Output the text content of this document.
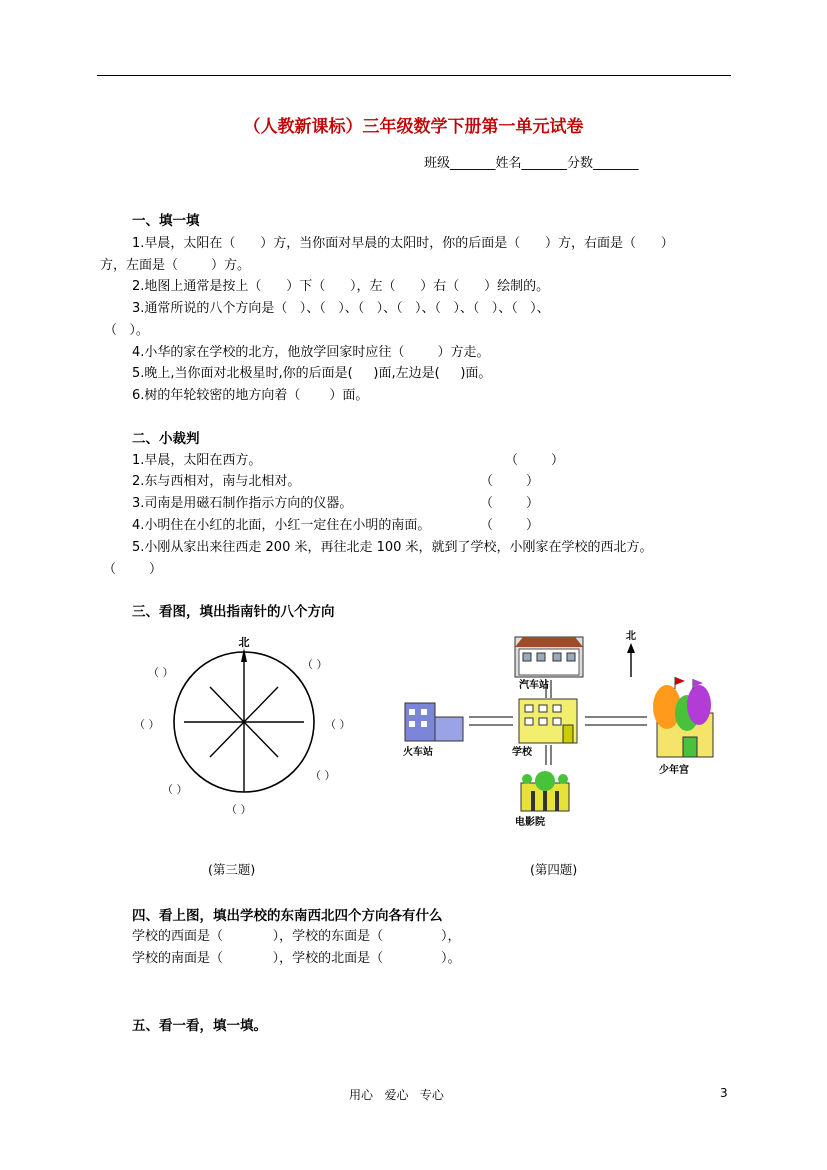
（人教新课标）三年级数学下册第一单元试卷
班级_______姓名_______分数_______
一、填一填
1.早晨，太阳在（      ）方，当你面对早晨的太阳时，你的后面是（      ）方，右面是（      ）
方，左面是（        ）方。
2.地图上通常是按上（      ）下（      ），左（      ）右（      ）绘制的。
3.通常所说的八个方向是（   ）、（   ）、（   ）、（   ）、（   ）、（   ）、（   ）、
（   ）。
4.小华的家在学校的北方，他放学回家时应往（        ）方走。
5.晚上,当你面对北极星时,你的后面是(     )面,左边是(     )面。
6.树的年轮较密的地方向着（       ）面。
二、小裁判
1.早晨，太阳在西方。	（        ）
2.东与西相对，南与北相对。	（        ）
3.司南是用磁石制作指示方向的仪器。	（        ）
4.小明住在小红的北面，小红一定住在小明的南面。	（        ）
5.小刚从家出来往西走 200 米，再往北走 100 米，就到了学校，小刚家在学校的西北方。
（        ）
三、看图，填出指南针的八个方向
北
（ ）
（ ）
（ ）
（ ）
（ ）
（ ）
（ ）
北
汽车站
火车站	学校
电影院
少年宫
(第三题)	(第四题)
四、看上图，填出学校的东南西北四个方向各有什么
学校的西面是（            ），学校的东面是（              ），
学校的南面是（            ），学校的北面是（              ）。
五、看一看，填一填。
用心   爱心   专心	3
